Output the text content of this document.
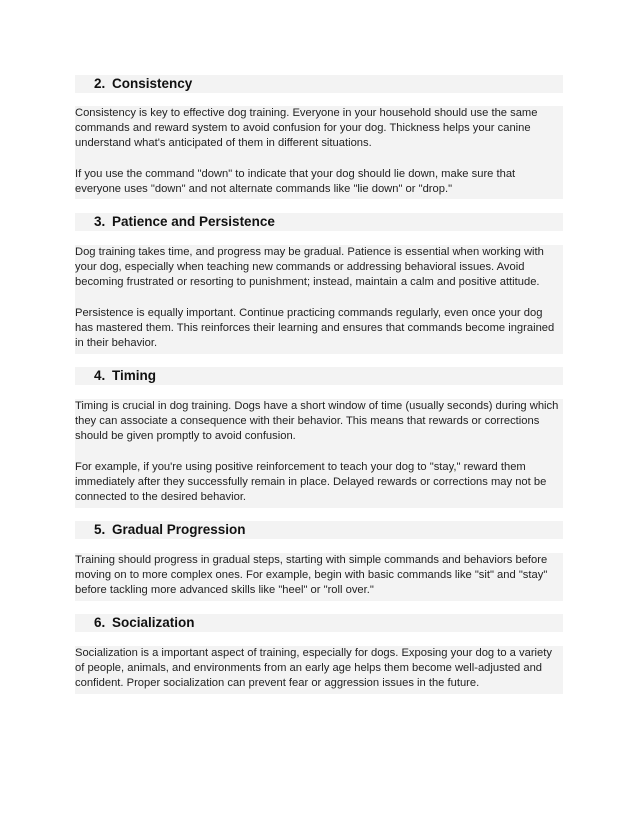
2. Consistency
Consistency is key to effective dog training. Everyone in your household should use the same commands and reward system to avoid confusion for your dog. Thickness helps your canine understand what's anticipated of them in different situations.
If you use the command "down" to indicate that your dog should lie down, make sure that everyone uses "down" and not alternate commands like "lie down" or "drop."
3. Patience and Persistence
Dog training takes time, and progress may be gradual. Patience is essential when working with your dog, especially when teaching new commands or addressing behavioral issues. Avoid becoming frustrated or resorting to punishment; instead, maintain a calm and positive attitude.
Persistence is equally important. Continue practicing commands regularly, even once your dog has mastered them. This reinforces their learning and ensures that commands become ingrained in their behavior.
4. Timing
Timing is crucial in dog training. Dogs have a short window of time (usually seconds) during which they can associate a consequence with their behavior. This means that rewards or corrections should be given promptly to avoid confusion.
For example, if you're using positive reinforcement to teach your dog to "stay," reward them immediately after they successfully remain in place. Delayed rewards or corrections may not be connected to the desired behavior.
5. Gradual Progression
Training should progress in gradual steps, starting with simple commands and behaviors before moving on to more complex ones. For example, begin with basic commands like "sit" and "stay" before tackling more advanced skills like "heel" or "roll over."
6. Socialization
Socialization is a important aspect of training, especially for dogs. Exposing your dog to a variety of people, animals, and environments from an early age helps them become well-adjusted and confident. Proper socialization can prevent fear or aggression issues in the future.
